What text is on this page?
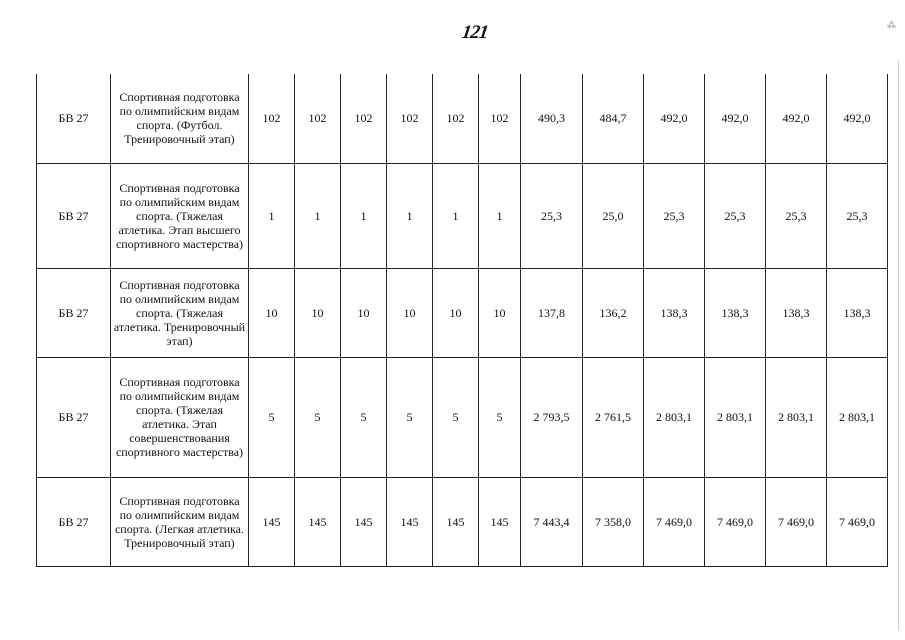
121	⁂
БВ 27	Спортивная подготовка по олимпийским видам спорта. (Футбол. Тренировочный этап)	102	102	102	102	102	102	490,3	484,7	492,0	492,0	492,0	492,0
БВ 27	Спортивная подготовка по олимпийским видам спорта. (Тяжелая атлетика. Этап высшего спортивного мастерства)	1	1	1	1	1	1	25,3	25,0	25,3	25,3	25,3	25,3
БВ 27	Спортивная подготовка по олимпийским видам спорта. (Тяжелая атлетика. Тренировочный этап)	10	10	10	10	10	10	137,8	136,2	138,3	138,3	138,3	138,3
БВ 27	Спортивная подготовка по олимпийским видам спорта. (Тяжелая атлетика. Этап совершенствования спортивного мастерства)	5	5	5	5	5	5	2 793,5	2 761,5	2 803,1	2 803,1	2 803,1	2 803,1
БВ 27	Спортивная подготовка по олимпийским видам спорта. (Легкая атлетика. Тренировочный этап)	145	145	145	145	145	145	7 443,4	7 358,0	7 469,0	7 469,0	7 469,0	7 469,0
